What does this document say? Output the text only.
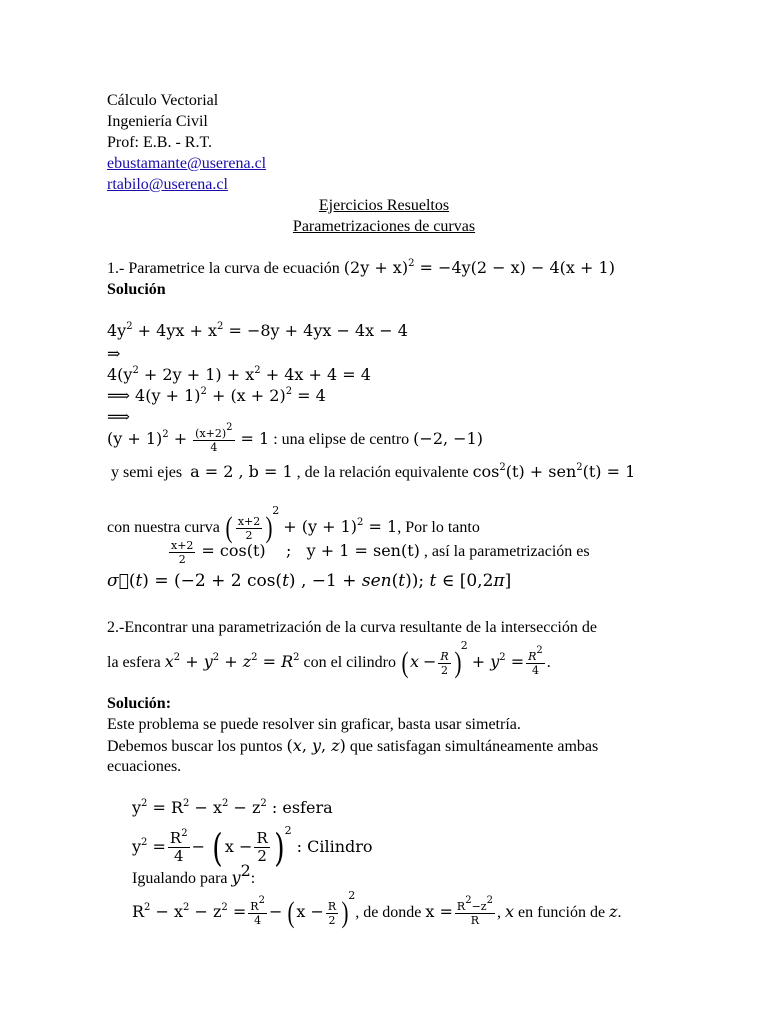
Cálculo Vectorial
Ingeniería Civil
Prof: E.B. - R.T.
ebustamante@userena.cl
rtabilo@userena.cl
Ejercicios Resueltos
Parametrizaciones de curvas
1.- Parametrice la curva de ecuación $(2y + x)^2 = -4y(2 - x) - 4(x + 1)$
Solución
$4y^2 + 4yx + x^2 = -8y + 4yx - 4x - 4$
⇒
$4(y^2 + 2y + 1) + x^2 + 4x + 4 = 4$
⟹ $4(y + 1)^2 + (x + 2)^2 = 4$
⟹
$(y + 1)^2 + \frac{(x+2)^2}{4} = 1$ : una elipse de centro (−2, −1)
y semi ejes a = 2 , b = 1 , de la relación equivalente $\cos^2(t) + sen^2(t) = 1$
con nuestra curva ( $\frac{x+2}{2} )^2 + (y + 1)^2 = 1$, Por lo tanto
$\frac{x+2}{2} = \cos(t)$    ;   y + 1 = sen(t) , así la parametrización es
σ⃗(t) = (−2 + 2 cos(t) , −1 + sen(t)); t ∈ [0,2π]
2.-Encontrar una parametrización de la curva resultante de la intersección de
la esfera $x^2 + y^2 + z^2 = R^2$ con el cilindro $(x - \frac{R}{2} )^2 + y^2 = \frac{R^2}{4}$ .
Solución:
Este problema se puede resolver sin graficar, basta usar simetría.
Debemos buscar los puntos (x, y, z) que satisfagan simultáneamente ambas
ecuaciones.
$y^2 = R^2 - x^2 - z^2$ : esfera
$y^2 = \frac{R^2}{4}$ − ( $x - \frac{R}{2} )^2$ : Cilindro
Igualando para $y^2$:
$R^2 - x^2 - z^2 = \frac{R^2}{4} - (x - \frac{R}{2} )^2$, de donde $x = \frac{R^2-z^2}{R}$ , x en función de z.
